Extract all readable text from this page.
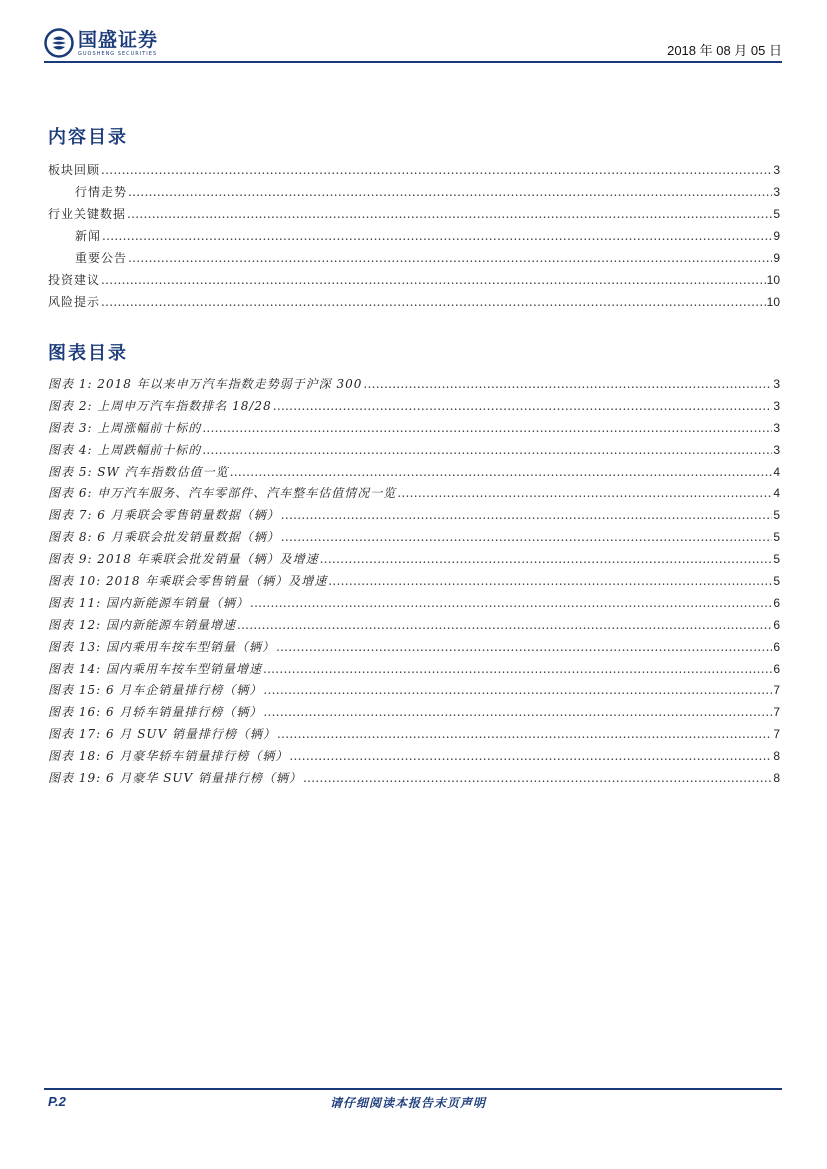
国盛证券
GUOSHENG SECURITIES	2018 年 08 月 05 日
内容目录
板块回顾 .....	3
行情走势 .....	3
行业关键数据 .....	5
新闻 .....	9
重要公告 .....	9
投资建议 .....	10
风险提示 .....	10
图表目录
图表 1: 2018 年以来申万汽车指数走势弱于沪深 300 .....	3
图表 2: 上周申万汽车指数排名 18/28 .....	3
图表 3: 上周涨幅前十标的 .....	3
图表 4: 上周跌幅前十标的 .....	3
图表 5: SW 汽车指数估值一览 .....	4
图表 6: 申万汽车服务、汽车零部件、汽车整车估值情况一览 .....	4
图表 7: 6 月乘联会零售销量数据（辆） .....	5
图表 8: 6 月乘联会批发销量数据（辆） .....	5
图表 9: 2018 年乘联会批发销量（辆）及增速 .....	5
图表 10: 2018 年乘联会零售销量（辆）及增速 .....	5
图表 11: 国内新能源车销量（辆） .....	6
图表 12: 国内新能源车销量增速 .....	6
图表 13: 国内乘用车按车型销量（辆） .....	6
图表 14: 国内乘用车按车型销量增速 .....	6
图表 15: 6 月车企销量排行榜（辆） .....	7
图表 16: 6 月轿车销量排行榜（辆） .....	7
图表 17: 6 月 SUV 销量排行榜（辆） .....	7
图表 18: 6 月豪华轿车销量排行榜（辆） .....	8
图表 19: 6 月豪华 SUV 销量排行榜（辆） .....	8
P.2	请仔细阅读本报告末页声明
